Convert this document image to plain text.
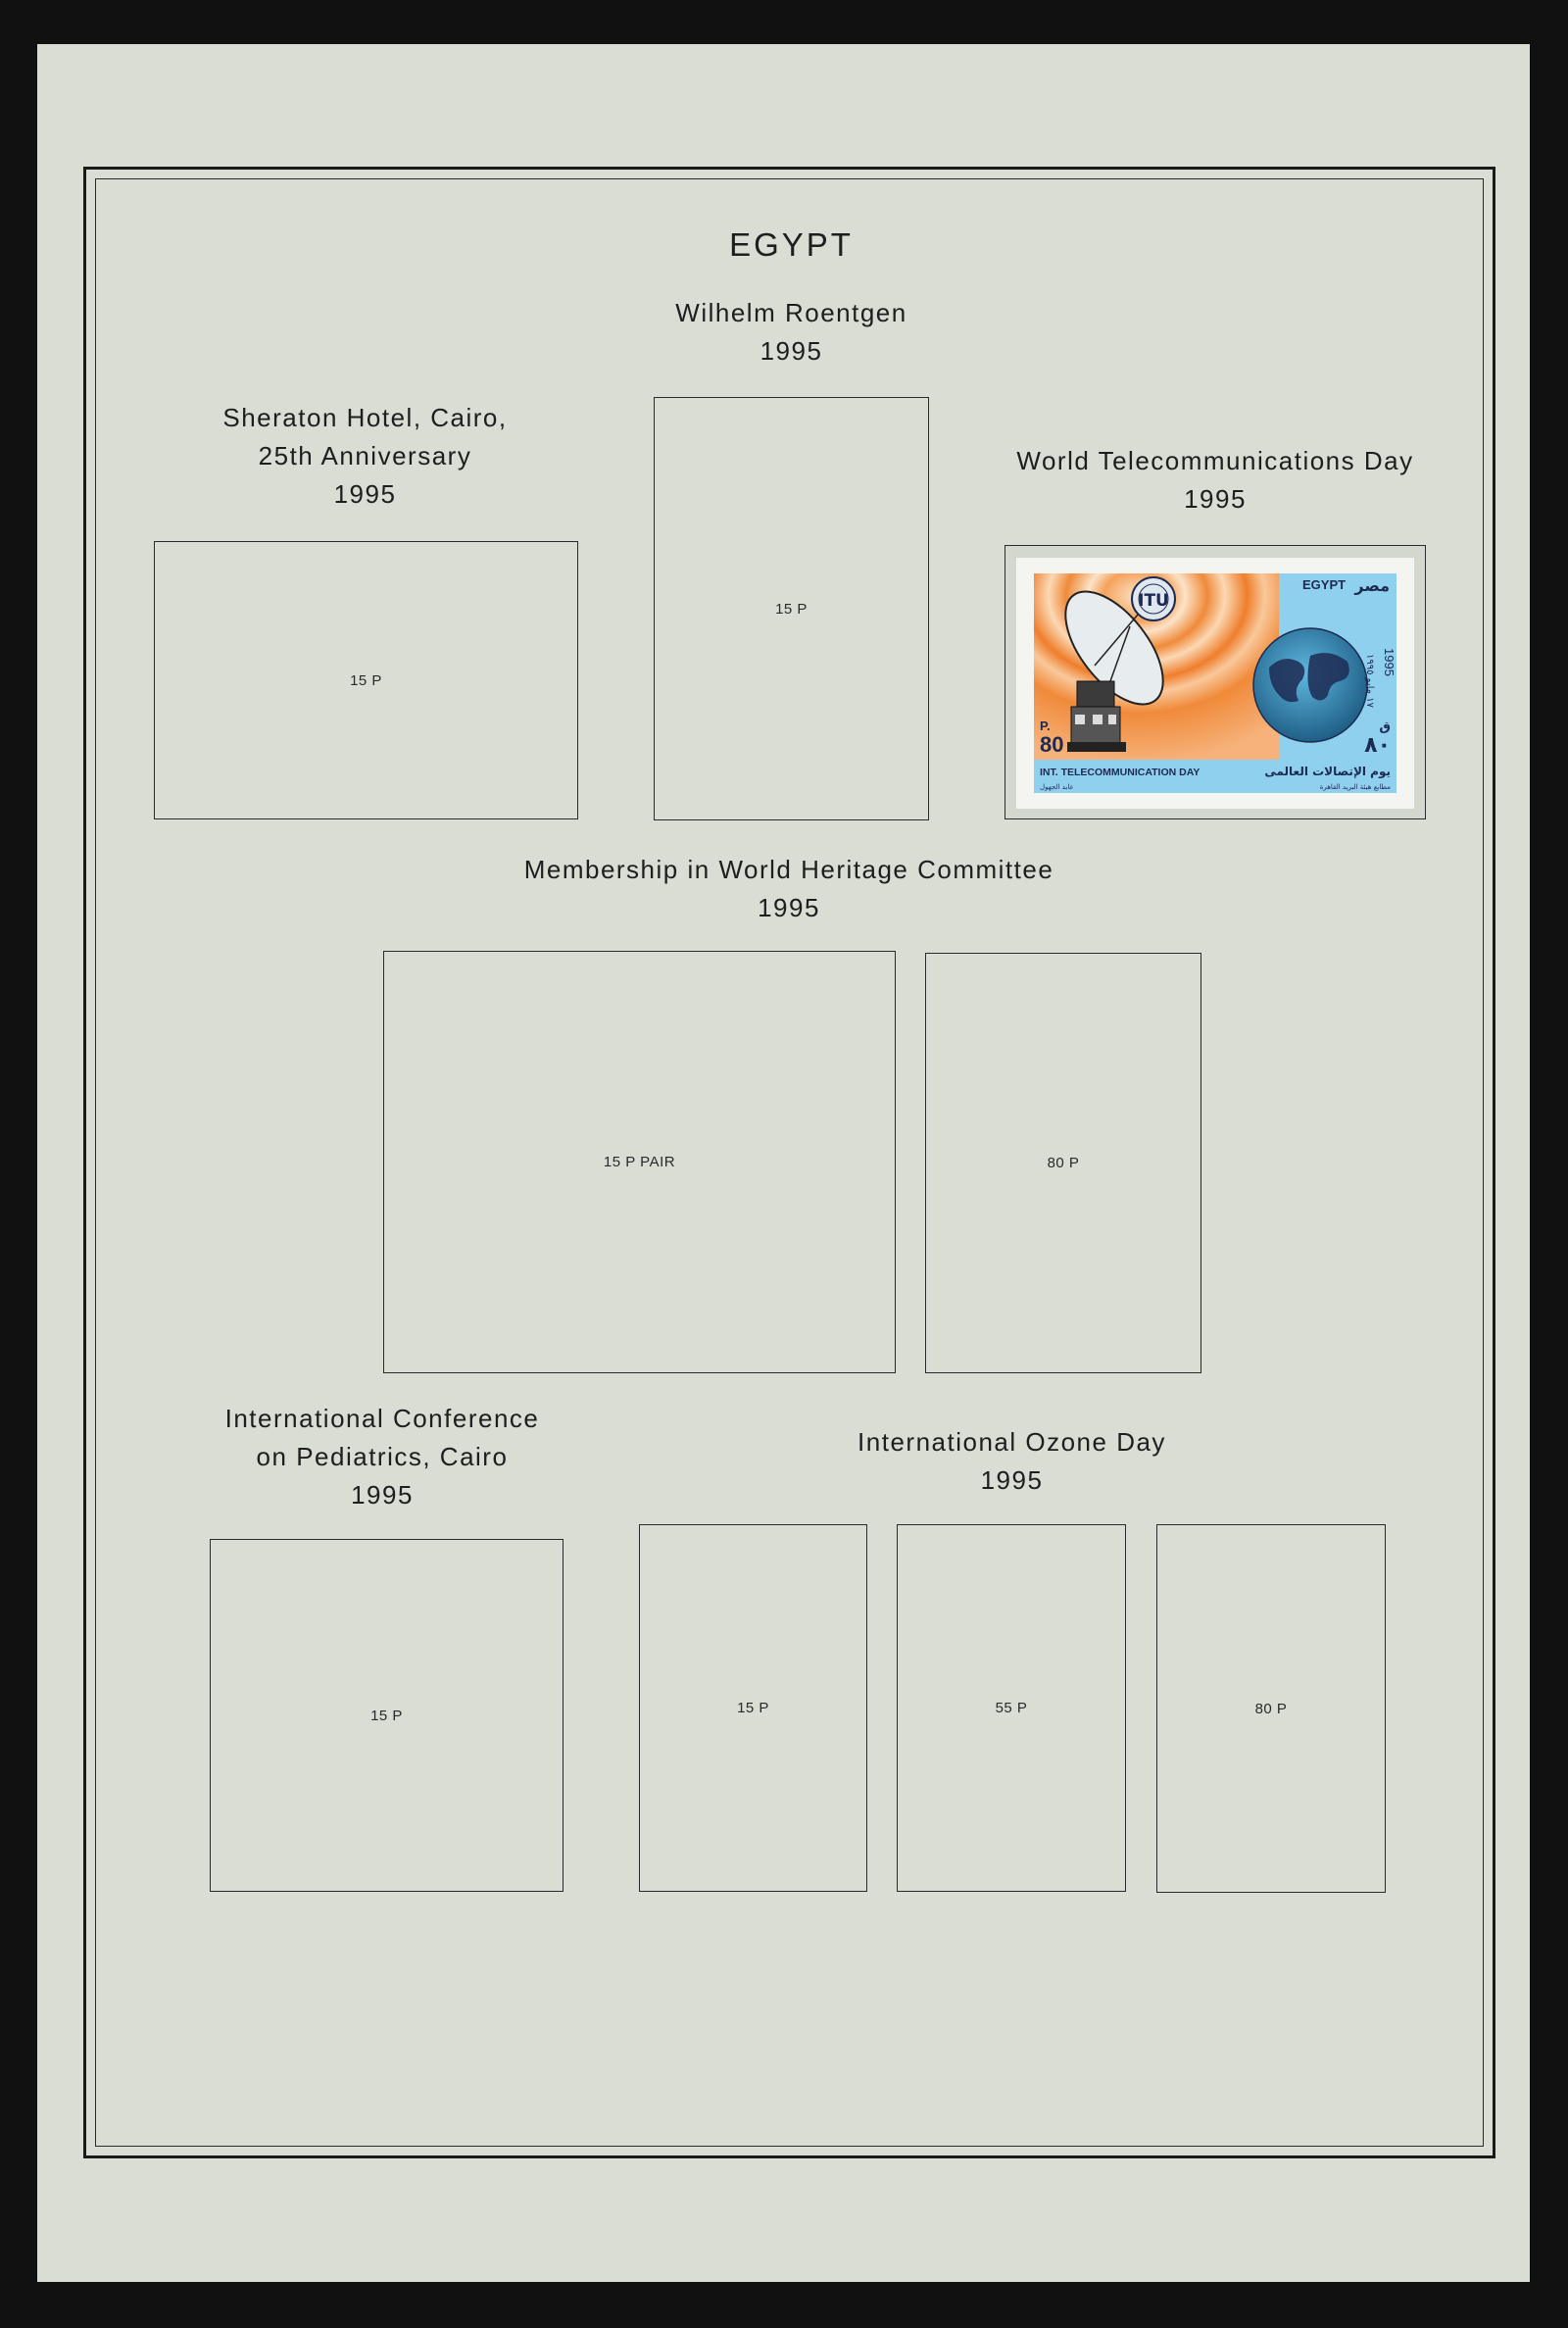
EGYPT
Wilhelm Roentgen
1995
15 P
Sheraton Hotel, Cairo,
25th Anniversary
1995
15 P
World Telecommunications Day
1995
ITU
EGYPT مصر
1995
١٧ مايو ١٩٩٥
P.
80	٨٠
ق
INT. TELECOMMUNICATION DAY	يوم الإتصالات العالمى
مطابع هيئة البريد القاهرة
عابد الجهول
Membership in World Heritage Committee
1995
15 P PAIR	80 P
International Conference
on Pediatrics, Cairo
1995
15 P
International Ozone Day
1995
15 P	55 P	80 P
